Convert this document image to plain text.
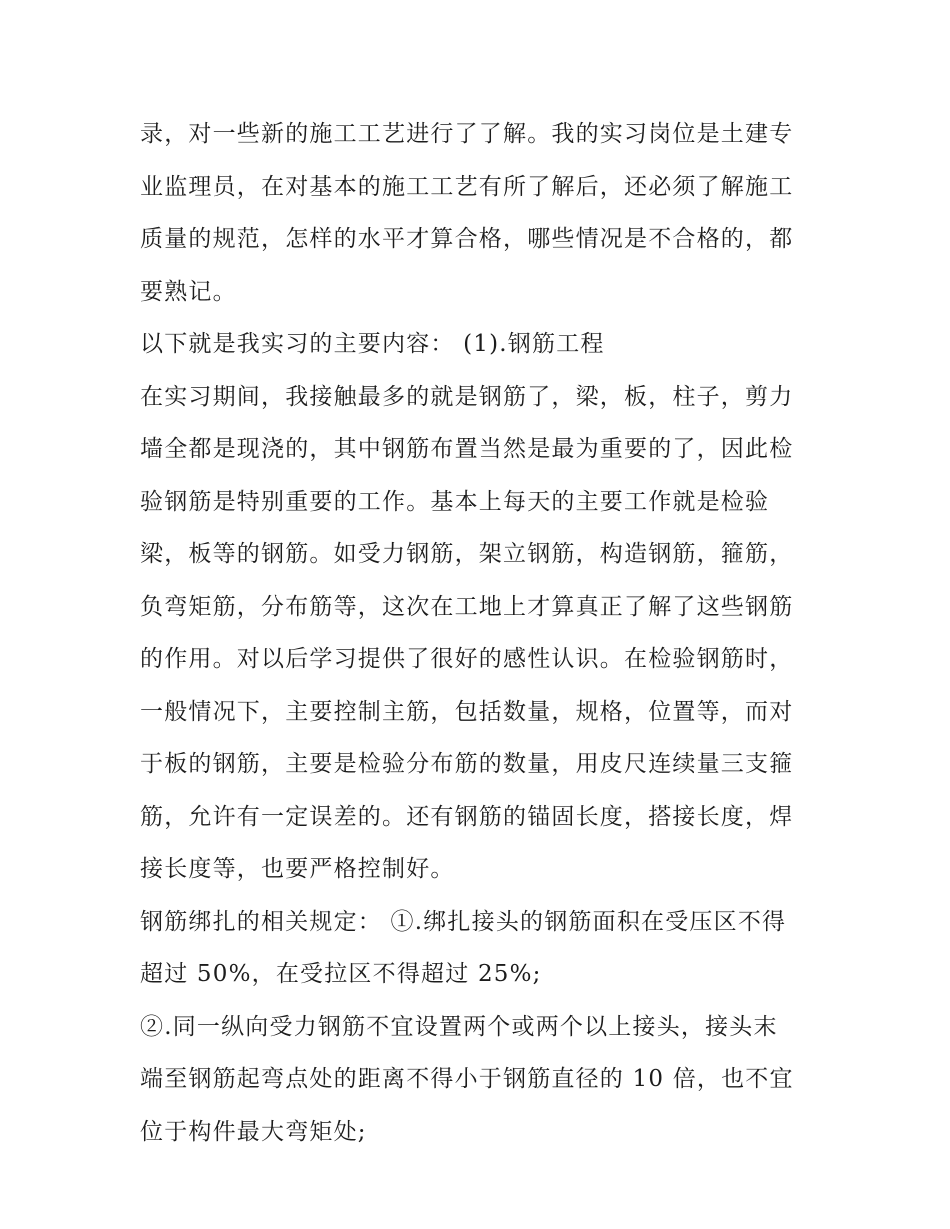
录，对一些新的施工工艺进行了了解。我的实习岗位是土建专
业监理员，在对基本的施工工艺有所了解后，还必须了解施工
质量的规范，怎样的水平才算合格，哪些情况是不合格的，都
要熟记。
以下就是我实习的主要内容： (1).钢筋工程
在实习期间，我接触最多的就是钢筋了，梁，板，柱子，剪力
墙全都是现浇的，其中钢筋布置当然是最为重要的了，因此检
验钢筋是特别重要的工作。基本上每天的主要工作就是检验
梁，板等的钢筋。如受力钢筋，架立钢筋，构造钢筋，箍筋，
负弯矩筋，分布筋等，这次在工地上才算真正了解了这些钢筋
的作用。对以后学习提供了很好的感性认识。在检验钢筋时，
一般情况下，主要控制主筋，包括数量，规格，位置等，而对
于板的钢筋，主要是检验分布筋的数量，用皮尺连续量三支箍
筋，允许有一定误差的。还有钢筋的锚固长度，搭接长度，焊
接长度等，也要严格控制好。
钢筋绑扎的相关规定： ①.绑扎接头的钢筋面积在受压区不得
超过 50%，在受拉区不得超过 25%;
②.同一纵向受力钢筋不宜设置两个或两个以上接头，接头末
端至钢筋起弯点处的距离不得小于钢筋直径的 10 倍，也不宜
位于构件最大弯矩处;
